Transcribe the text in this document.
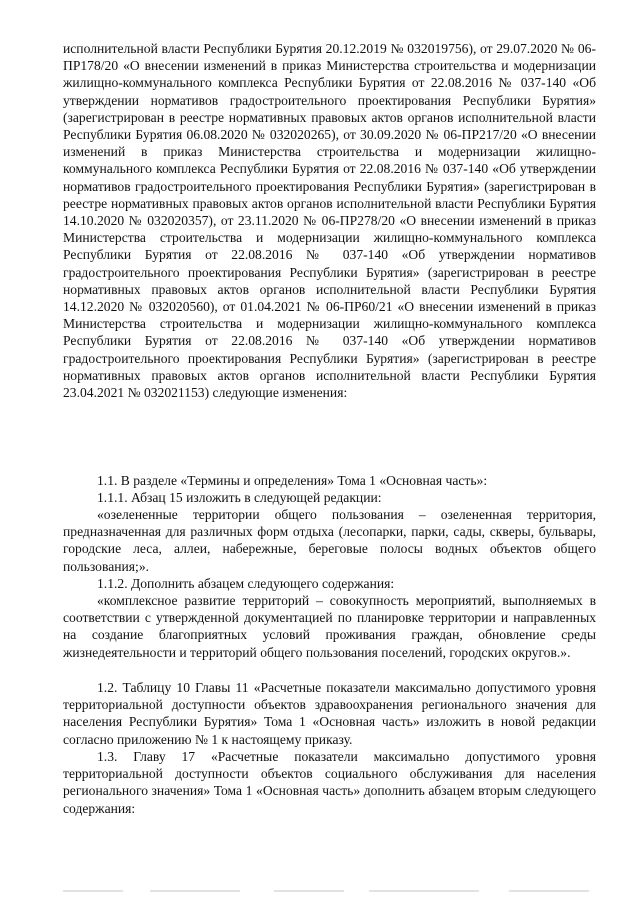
исполнительной власти Республики Бурятия 20.12.2019 № 032019756), от 29.07.2020 № 06-ПР178/20 «О внесении изменений в приказ Министерства строительства и модернизации жилищно-коммунального комплекса Республики Бурятия от 22.08.2016 № 037-140 «Об утверждении нормативов градостроительного проектирования Республики Бурятия» (зарегистрирован в реестре нормативных правовых актов органов исполнительной власти Республики Бурятия 06.08.2020 № 032020265), от 30.09.2020 № 06-ПР217/20 «О внесении изменений в приказ Министерства строительства и модернизации жилищно-коммунального комплекса Республики Бурятия от 22.08.2016 № 037-140 «Об утверждении нормативов градостроительного проектирования Республики Бурятия» (зарегистрирован в реестре нормативных правовых актов органов исполнительной власти Республики Бурятия 14.10.2020 № 032020357), от 23.11.2020 № 06-ПР278/20 «О внесении изменений в приказ Министерства строительства и модернизации жилищно-коммунального комплекса Республики Бурятия от 22.08.2016 № 037-140 «Об утверждении нормативов градостроительного проектирования Республики Бурятия» (зарегистрирован в реестре нормативных правовых актов органов исполнительной власти Республики Бурятия 14.12.2020 № 032020560), от 01.04.2021 № 06-ПР60/21 «О внесении изменений в приказ Министерства строительства и модернизации жилищно-коммунального комплекса Республики Бурятия от 22.08.2016 № 037-140 «Об утверждении нормативов градостроительного проектирования Республики Бурятия» (зарегистрирован в реестре нормативных правовых актов органов исполнительной власти Республики Бурятия 23.04.2021 № 032021153) следующие изменения:

1.1. В разделе «Термины и определения» Тома 1 «Основная часть»:

1.1.1. Абзац 15 изложить в следующей редакции:

«озелененные территории общего пользования – озелененная территория, предназначенная для различных форм отдыха (лесопарки, парки, сады, скверы, бульвары, городские леса, аллеи, набережные, береговые полосы водных объектов общего пользования;».

1.1.2. Дополнить абзацем следующего содержания:

«комплексное развитие территорий – совокупность мероприятий, выполняемых в соответствии с утвержденной документацией по планировке территории и направленных на создание благоприятных условий проживания граждан, обновление среды жизнедеятельности и территорий общего пользования поселений, городских округов.».

1.2. Таблицу 10 Главы 11 «Расчетные показатели максимально допустимого уровня территориальной доступности объектов здравоохранения регионального значения для населения Республики Бурятия» Тома 1 «Основная часть» изложить в новой редакции согласно приложению № 1 к настоящему приказу.

1.3. Главу 17 «Расчетные показатели максимально допустимого уровня территориальной доступности объектов социального обслуживания для населения регионального значения» Тома 1 «Основная часть» дополнить абзацем вторым следующего содержания:
